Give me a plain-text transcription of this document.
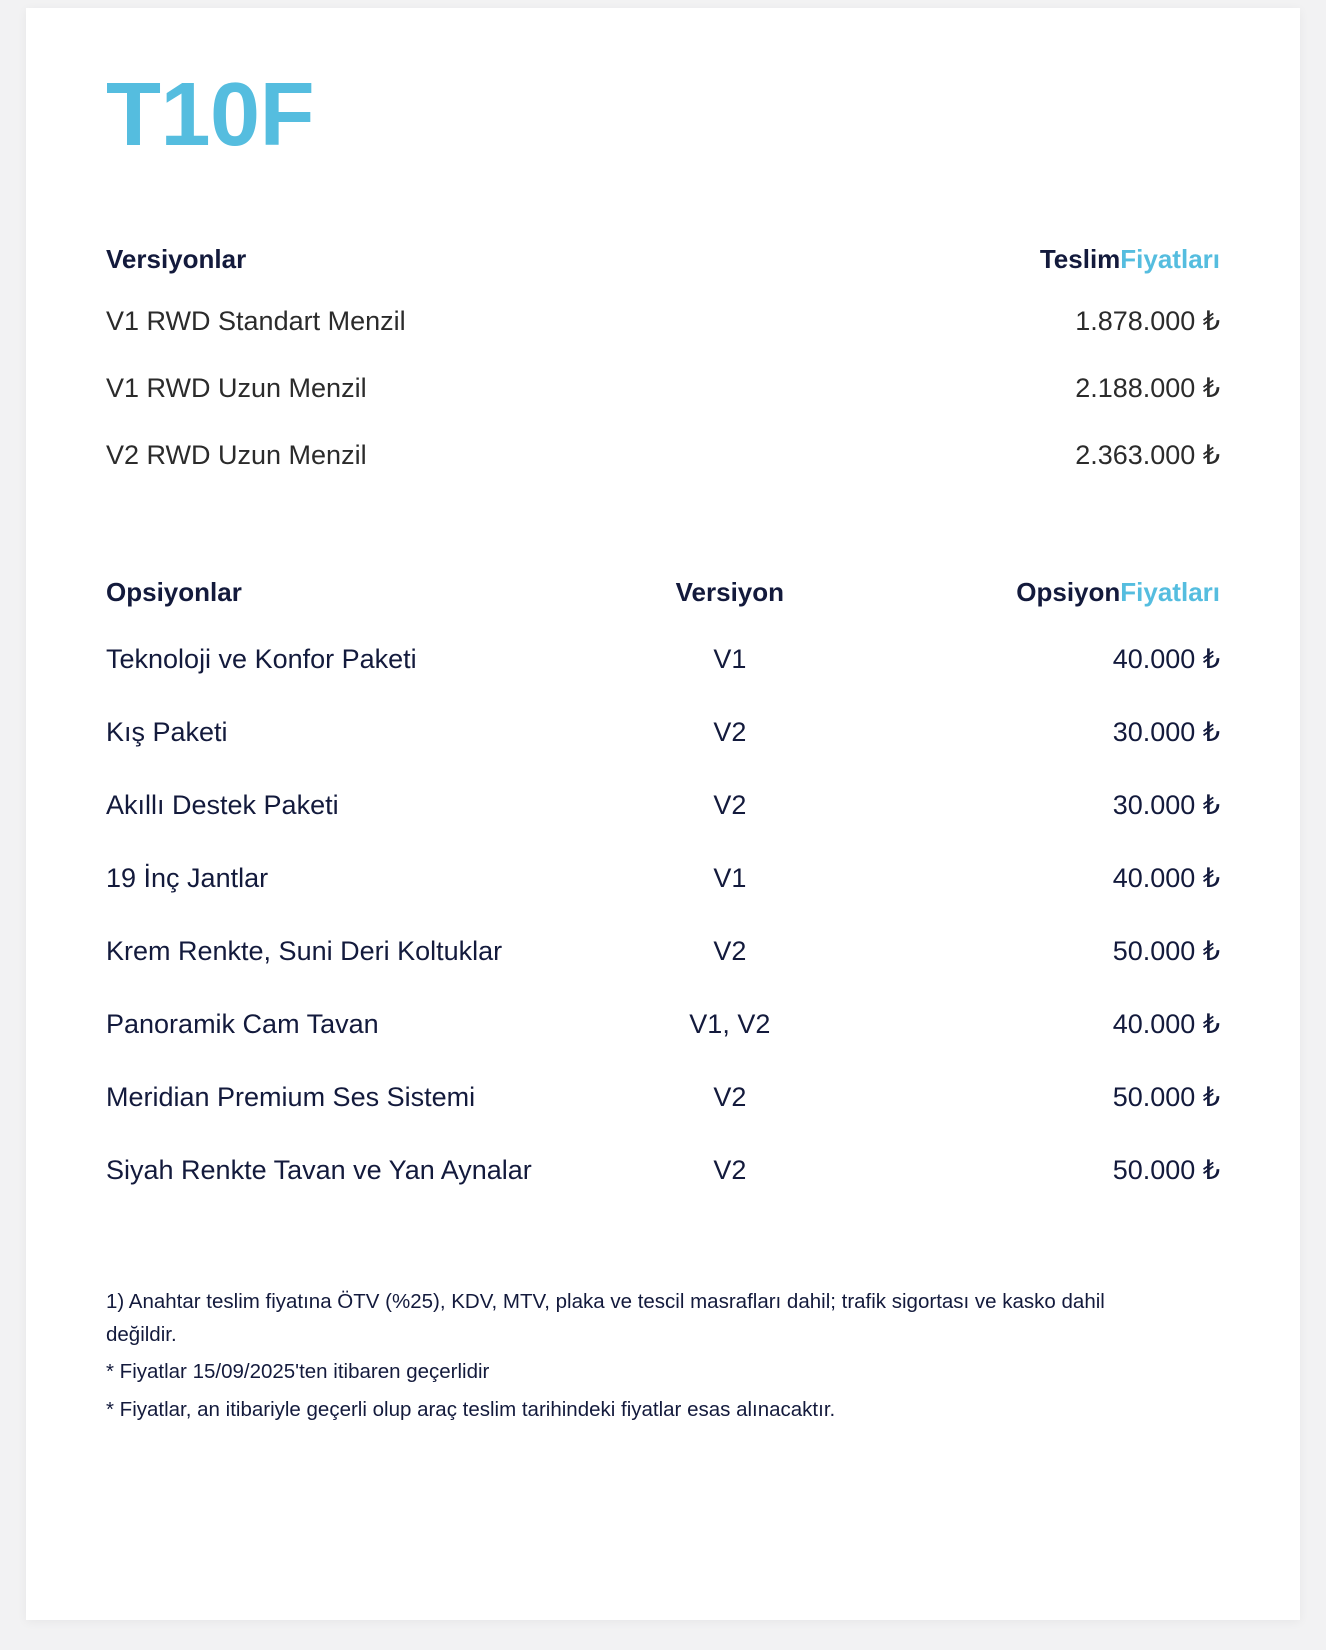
T10F
Versiyonlar	TeslimFiyatları
V1 RWD Standart Menzil	1.878.000 ₺
V1 RWD Uzun Menzil	2.188.000 ₺
V2 RWD Uzun Menzil	2.363.000 ₺
Opsiyonlar	Versiyon	OpsiyonFiyatları
Teknoloji ve Konfor Paketi	V1	40.000 ₺
Kış Paketi	V2	30.000 ₺
Akıllı Destek Paketi	V2	30.000 ₺
19 İnç Jantlar	V1	40.000 ₺
Krem Renkte, Suni Deri Koltuklar	V2	50.000 ₺
Panoramik Cam Tavan	V1, V2	40.000 ₺
Meridian Premium Ses Sistemi	V2	50.000 ₺
Siyah Renkte Tavan ve Yan Aynalar	V2	50.000 ₺

1) Anahtar teslim fiyatına ÖTV (%25), KDV, MTV, plaka ve tescil masrafları dahil; trafik sigortası ve kasko dahil değildir.

* Fiyatlar 15/09/2025'ten itibaren geçerlidir

* Fiyatlar, an itibariyle geçerli olup araç teslim tarihindeki fiyatlar esas alınacaktır.
